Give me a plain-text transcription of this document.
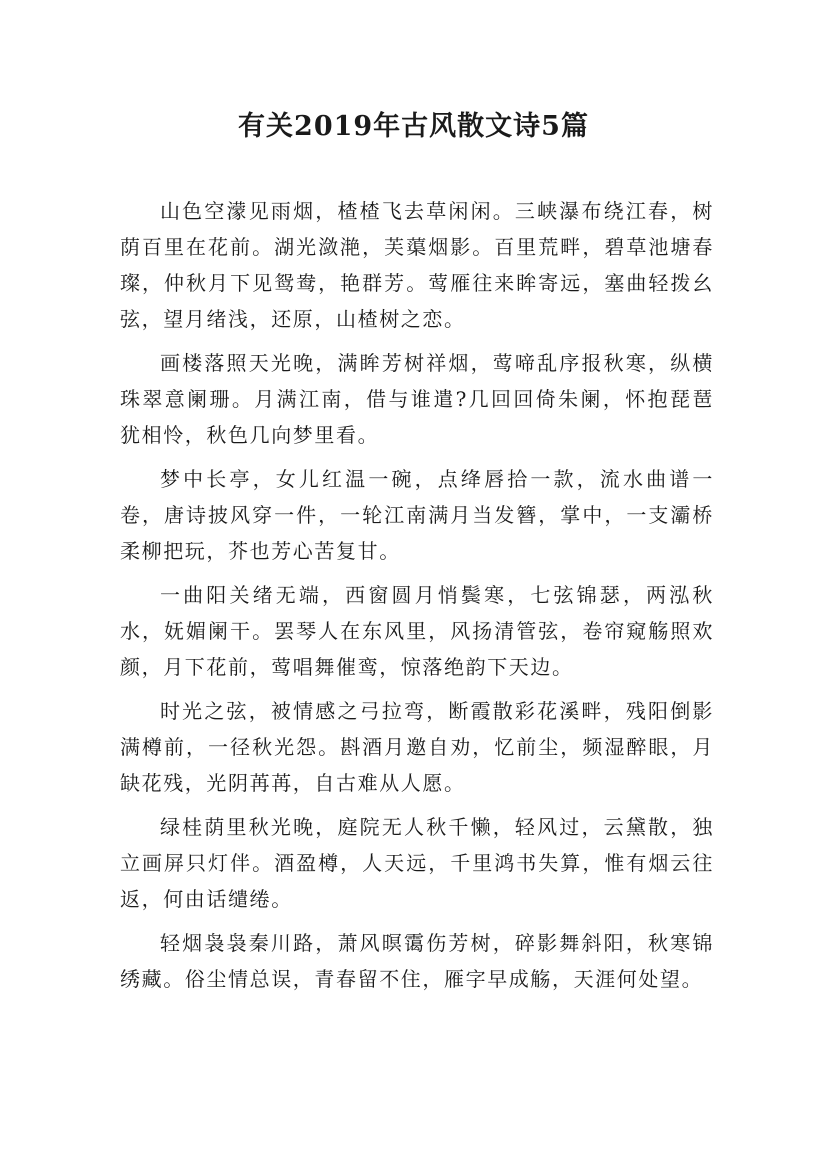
有关2019年古风散文诗5篇

山色空濛见雨烟，楂楂飞去草闲闲。三峡瀑布绕江春，树荫百里在花前。湖光潋滟，芙蕖烟影。百里荒畔，碧草池塘春璨，仲秋月下见鸳鸯，艳群芳。莺雁往来眸寄远，塞曲轻拨幺弦，望月绪浅，还原，山楂树之恋。

画楼落照天光晚，满眸芳树祥烟，莺啼乱序报秋寒，纵横珠翠意阑珊。月满江南，借与谁遣?几回回倚朱阑，怀抱琵琶犹相怜，秋色几向梦里看。

梦中长亭，女儿红温一碗，点绛唇拾一款，流水曲谱一卷，唐诗披风穿一件，一轮江南满月当发簪，掌中，一支灞桥柔柳把玩，芥也芳心苦复甘。

一曲阳关绪无端，西窗圆月悄鬓寒，七弦锦瑟，两泓秋水，妩媚阑干。罢琴人在东风里，风扬清管弦，卷帘窥觞照欢颜，月下花前，莺唱舞催鸾，惊落绝韵下天边。

时光之弦，被情感之弓拉弯，断霞散彩花溪畔，残阳倒影满樽前，一径秋光怨。斟酒月邀自劝，忆前尘，频湿醉眼，月缺花残，光阴苒苒，自古难从人愿。

绿桂荫里秋光晚，庭院无人秋千懒，轻风过，云黛散，独立画屏只灯伴。酒盈樽，人天远，千里鸿书失算，惟有烟云往返，何由话缱绻。

轻烟袅袅秦川路，萧风暝霭伤芳树，碎影舞斜阳，秋寒锦绣藏。俗尘情总误，青春留不住，雁字早成觞，天涯何处望。
